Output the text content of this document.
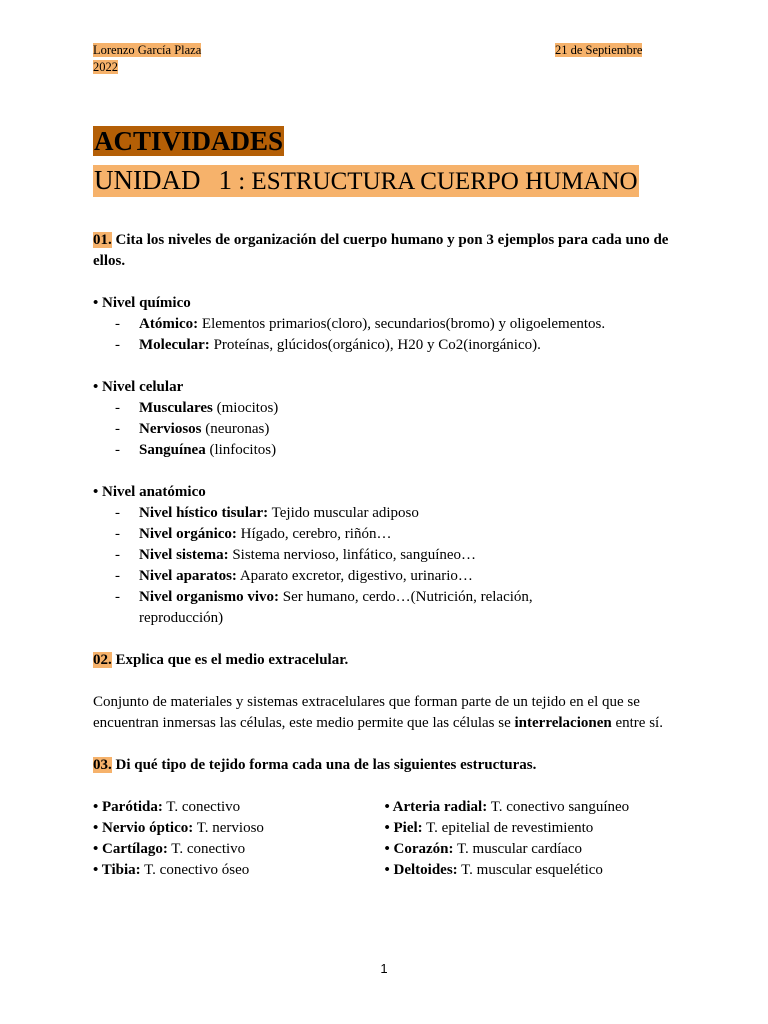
Lorenzo García Plaza	21 de Septiembre
2022
ACTIVIDADES
UNIDAD 1 : ESTRUCTURA CUERPO HUMANO
01. Cita los niveles de organización del cuerpo humano y pon 3 ejemplos para cada uno de ellos.
• Nivel químico
- Atómico: Elementos primarios(cloro), secundarios(bromo) y oligoelementos.
- Molecular: Proteínas, glúcidos(orgánico), H20 y Co2(inorgánico).
• Nivel celular
- Musculares (miocitos)
- Nerviosos (neuronas)
- Sanguínea (linfocitos)
• Nivel anatómico
- Nivel hístico tisular: Tejido muscular adiposo
- Nivel orgánico: Hígado, cerebro, riñón…
- Nivel sistema: Sistema nervioso, linfático, sanguíneo…
- Nivel aparatos: Aparato excretor, digestivo, urinario…
- Nivel organismo vivo: Ser humano, cerdo…(Nutrición, relación, reproducción)
02. Explica que es el medio extracelular.
Conjunto de materiales y sistemas extracelulares que forman parte de un tejido en el que se encuentran inmersas las células, este medio permite que las células se interrelacionen entre sí.
03. Di qué tipo de tejido forma cada una de las siguientes estructuras.
• Parótida: T. conectivo
• Nervio óptico: T. nervioso
• Cartílago: T. conectivo
• Tibia: T. conectivo óseo
• Arteria radial: T. conectivo sanguíneo
• Piel: T. epitelial de revestimiento
• Corazón: T. muscular cardíaco
• Deltoides: T. muscular esquelético
1
